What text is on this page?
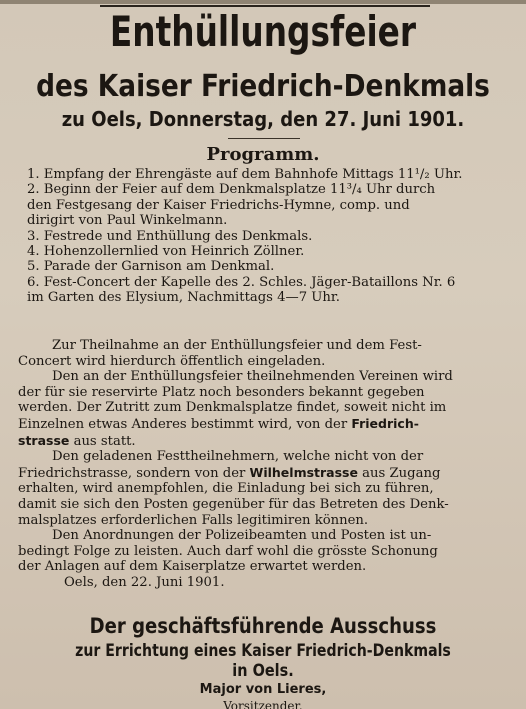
Enthüllungsfeier
des Kaiser Friedrich-Denkmals
zu Oels, Donnerstag, den 27. Juni 1901.
Programm.
1. Empfang der Ehrengäste auf dem Bahnhofe Mittags 11¹/₂ Uhr.
2. Beginn der Feier auf dem Denkmalsplatze 11³/₄ Uhr durch
den Festgesang der Kaiser Friedrichs-Hymne, comp. und
dirigirt von Paul Winkelmann.
3. Festrede und Enthüllung des Denkmals.
4. Hohenzollernlied von Heinrich Zöllner.
5. Parade der Garnison am Denkmal.
6. Fest-Concert der Kapelle des 2. Schles. Jäger-Bataillons Nr. 6
im Garten des Elysium, Nachmittags 4—7 Uhr.

Zur Theilnahme an der Enthüllungsfeier und dem Fest-

Concert wird hierdurch öffentlich eingeladen.

Den an der Enthüllungsfeier theilnehmenden Vereinen wird

der für sie reservirte Platz noch besonders bekannt gegeben

werden. Der Zutritt zum Denkmalsplatze findet, soweit nicht im

Einzelnen etwas Anderes bestimmt wird, von der Friedrich-

strasse aus statt.

Den geladenen Festtheilnehmern, welche nicht von der

Friedrichstrasse, sondern von der Wilhelmstrasse aus Zugang

erhalten, wird anempfohlen, die Einladung bei sich zu führen,

damit sie sich den Posten gegenüber für das Betreten des Denk-

malsplatzes erforderlichen Falls legitimiren können.

Den Anordnungen der Polizeibeamten und Posten ist un-

bedingt Folge zu leisten. Auch darf wohl die grösste Schonung

der Anlagen auf dem Kaiserplatze erwartet werden.

Oels, den 22. Juni 1901.

Der geschäftsführende Ausschuss
zur Errichtung eines Kaiser Friedrich-Denkmals
in Oels.
Major von Lieres,
Vorsitzender.
